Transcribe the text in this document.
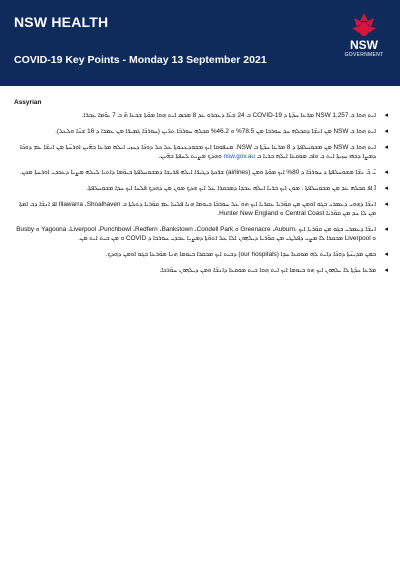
NSW HEALTH
COVID-19 Key Points - Monday 13 September 2021
NSW
GOVERNMENT
Assyrian
◂
ܐܝܬ ܗܘܐ ܒ NSW 1,257 ܡܪ̈ܥܐ ܚܕ̈ܬܐ ܕ COVID-19 ܒ 24 ܫܥ̈ܐ ܕܥܒܪܘ ܥܕ 8 ܡܒܣ ܐܝܬ ܗܘܐ ܡܘ̈ܬܐ ܫܒܥܐ ܗ̄ ܒ 7 ܝܘ̈ܡܐ ܥܒܪ̈ܐ.
◂
ܐܝܬ ܗܘܐ ܒ NSW ܡܢ ܐܢܫ̈ܐ ܕܩܒܠܗ ܚܕ ܚܘܪܒܐ ܡܢ 78.5% ܘ 46.2% ܩܒܠܗ ܚܘܪܒ̈ܐ ܬܪ̈ܝܢ (ܚܘܪܒ̈ܐ ܓܡܝܪ̈ܐ ܡܢ ܥܡܪܐ ܕ 16 ܫܢ̈ܐ ܘܠܥܠ).
◂
ܐܝܬ ܗܘܐ ܒ NSW ܡܢ ܡܫܘܚܠܦܬܐ ܕ 8 ܡܪ̈ܥܐ ܚܕ̈ܬܐ ܒ NSW. ܡܢܦܘܩܐ ܐܝܟ ܡܫܘܕܥܢܘܬܐ ܥܠ ܟܠ ܕܘܟ̈ܐ ܕܚܙܝ ܐܝܠܗ ܡܪܥܐ ܒܗ̈ܝܢ ܐܘܪܚ̈ܬܐ ܡܢ ܐܢܫ̈ܐ ܥܡ ܕܘܟ̈ܐ ܕܡܨܐ ܕܒܗܝ ܚܙܝܬܐ ܐܝܬ ܒ ܘܐܒ ܡܘܩܥܐ ܐܝܠܗ ܒܪܝܐ ܒ nsw.gov.au ܘܗܕܟ ܡܨܝܬ ܠܚܦܬܐ ܒܗ̈ܝܢ.
◂
ܝ̄ ܒ̄ ܢܫ̈ܐ ܡܫܘܚܠܦܬܐ ܕ ܚܘܪܒ̈ܐ ܕ 80% ܐܝܟ ܡܘ̈ܬܐ ܘܡܢ (airlines) ܫܪ̈ܟܬܐ ܕܛܝܪ̈ܐ ܐܝܠܗ ܦܪܝܫܐ ܕܡܫܘܚܠܦܬܐ ܒܝܘ̈ܡܐ ܕܐܬܝܐ ܠܝܠܗ ܡܨܝܐ ܕܥܒܕܝ ܐܘܪܚܬܐ ܡܟܢ.
◂
ܐ̄ ܐܦ ܩܒܠܗ ܥܕ ܡܢ ܡܫܘܚܠܦܬܐ . ܡܘܢ ܐܝܟ ܒܪܝܐ ܐܝܠܗ ܥܒܕܐ ܕܡܒܩܪܐ ܥܠ ܐܝܟ ܗܕܟ ܡܘܢ ܡܢ ܕܗܕܟ ܦܠܚܐ ܐܝܟ ܚܕܐ ܡܫܘܚܠܦܬܐ.
◂
ܐܢܫ̈ܐ ܕܗܘܝ ܕܥܡܪܝ ܒܓܘ ܐܘܡܢ ܡܢ ܩܘ̈ܪܝܐ ܥܩܪ̈ܝܐ ܐܝܟ ܗܘ ܥܠ ܚܘܪܒ̈ܐ ܒܝܘܡܐ ܗܢܐ ܦܠܚܐ ܥܡ ܩܘ̈ܪܝܐ ܕܬܠܬܐ ܒ Illawarra ،Shoalhaven ܐܦ ܐܢܫ̈ܐ ܕܒ ܐܡܬܐ ܡܢ ܠܐ ܚܕ ܡܢ ܩܘ̈ܪܝܐ Central Coast ܘ Hunter New England.
◂
ܐܢܫ̈ܐ ܕܥܡܪܝ ܒܓܘ ܡܢ ܩܘ̈ܪܝܐ ܐܝܟ ،Greenacre ،Auburn ܘ Yagoona ،Liverpool ،Punchbowl ،Redfern ،Bankstown ،Condell Park ܘ Busby ܘ Liverpool ܡܒܩܪܐ ܠܐ ܡܨܝ ܕܦܠܛܝ ܡܢ ܩܘ̈ܪܝܐ ܕܝܠܗܘܢ ܐܠܐ ܥܠ ܐܬܘ̈ܬܐ ܕܡܨܝܐ ܥܒܕܝ ܚܘܪܒܐ ܕ COVID ܘ ܡܢ ܒܝܬ ܐܝܬ ܡܢ.
◂
ܒܡܢ ܡܕܝܢ̈ܬܐ ܕܘܟ̈ܐ ܕܐܝܬ ܠܗ ܡܘܩܥܐ ܚܕܐ (our hospitals) ܕܒܝܬ ܐܝܟ ܡܒܩܪܐ ܒܝܘܡܐ ܗܢܐ ܡܘ̈ܪܥܐ ܒܓܘ ܐܘܡܢ ܕܗܕܟ.
◂
ܡܪ̈ܥܐ ܚܕ̈ܬܐ ܠܐ ܝܠܗܘܢ ܐܝܟ ܗܘ ܒܝܘܡܐ ܐܝܟ ܐܝܬ ܗܘܐ ܒܝܬ ܡܘܩܥܐ ܕܐܢܫ̈ܐ ܘܡܢ ܕܝܠܗܘܢ ܚܘ̈ܪܒܐ.
